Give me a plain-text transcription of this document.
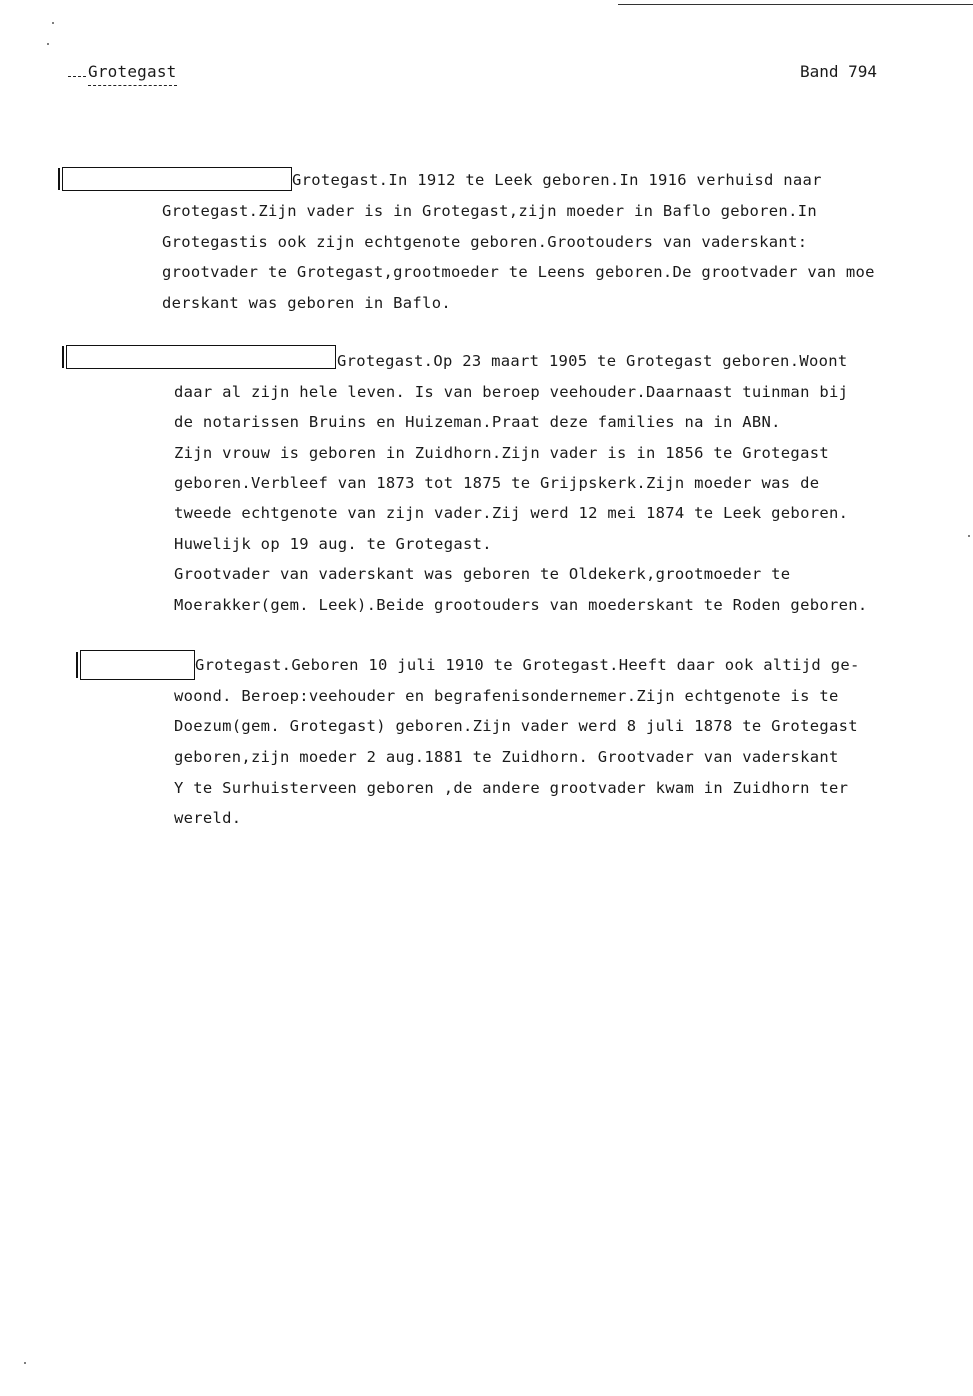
Grotegast	Band 794
Grotegast.In 1912 te Leek geboren.In 1916 verhuisd naar
Grotegast.Zijn vader is in Grotegast,zijn moeder in Baflo geboren.In
Grotegastis ook zijn echtgenote geboren.Grootouders van vaderskant:
grootvader te Grotegast,grootmoeder te Leens geboren.De grootvader van moe
derskant was geboren in Baflo.
Grotegast.Op 23 maart 1905 te Grotegast geboren.Woont
daar al zijn hele leven. Is van beroep veehouder.Daarnaast tuinman bij
de notarissen Bruins en Huizeman.Praat deze families na in ABN.
Zijn vrouw is geboren in Zuidhorn.Zijn vader is in 1856 te Grotegast
geboren.Verbleef van 1873 tot 1875 te Grijpskerk.Zijn moeder was de
tweede echtgenote van zijn vader.Zij werd 12 mei 1874 te Leek geboren.
Huwelijk op 19 aug. te Grotegast.
Grootvader van vaderskant was geboren te Oldekerk,grootmoeder te
Moerakker(gem. Leek).Beide grootouders van moederskant te Roden geboren.
Grotegast.Geboren 10 juli 1910 te Grotegast.Heeft daar ook altijd ge-
woond. Beroep:veehouder en begrafenisondernemer.Zijn echtgenote is te
Doezum(gem. Grotegast) geboren.Zijn vader werd 8 juli 1878 te Grotegast
geboren,zijn moeder 2 aug.1881 te Zuidhorn. Grootvader van vaderskant
Y te Surhuisterveen geboren ,de andere grootvader kwam in Zuidhorn ter
wereld.
